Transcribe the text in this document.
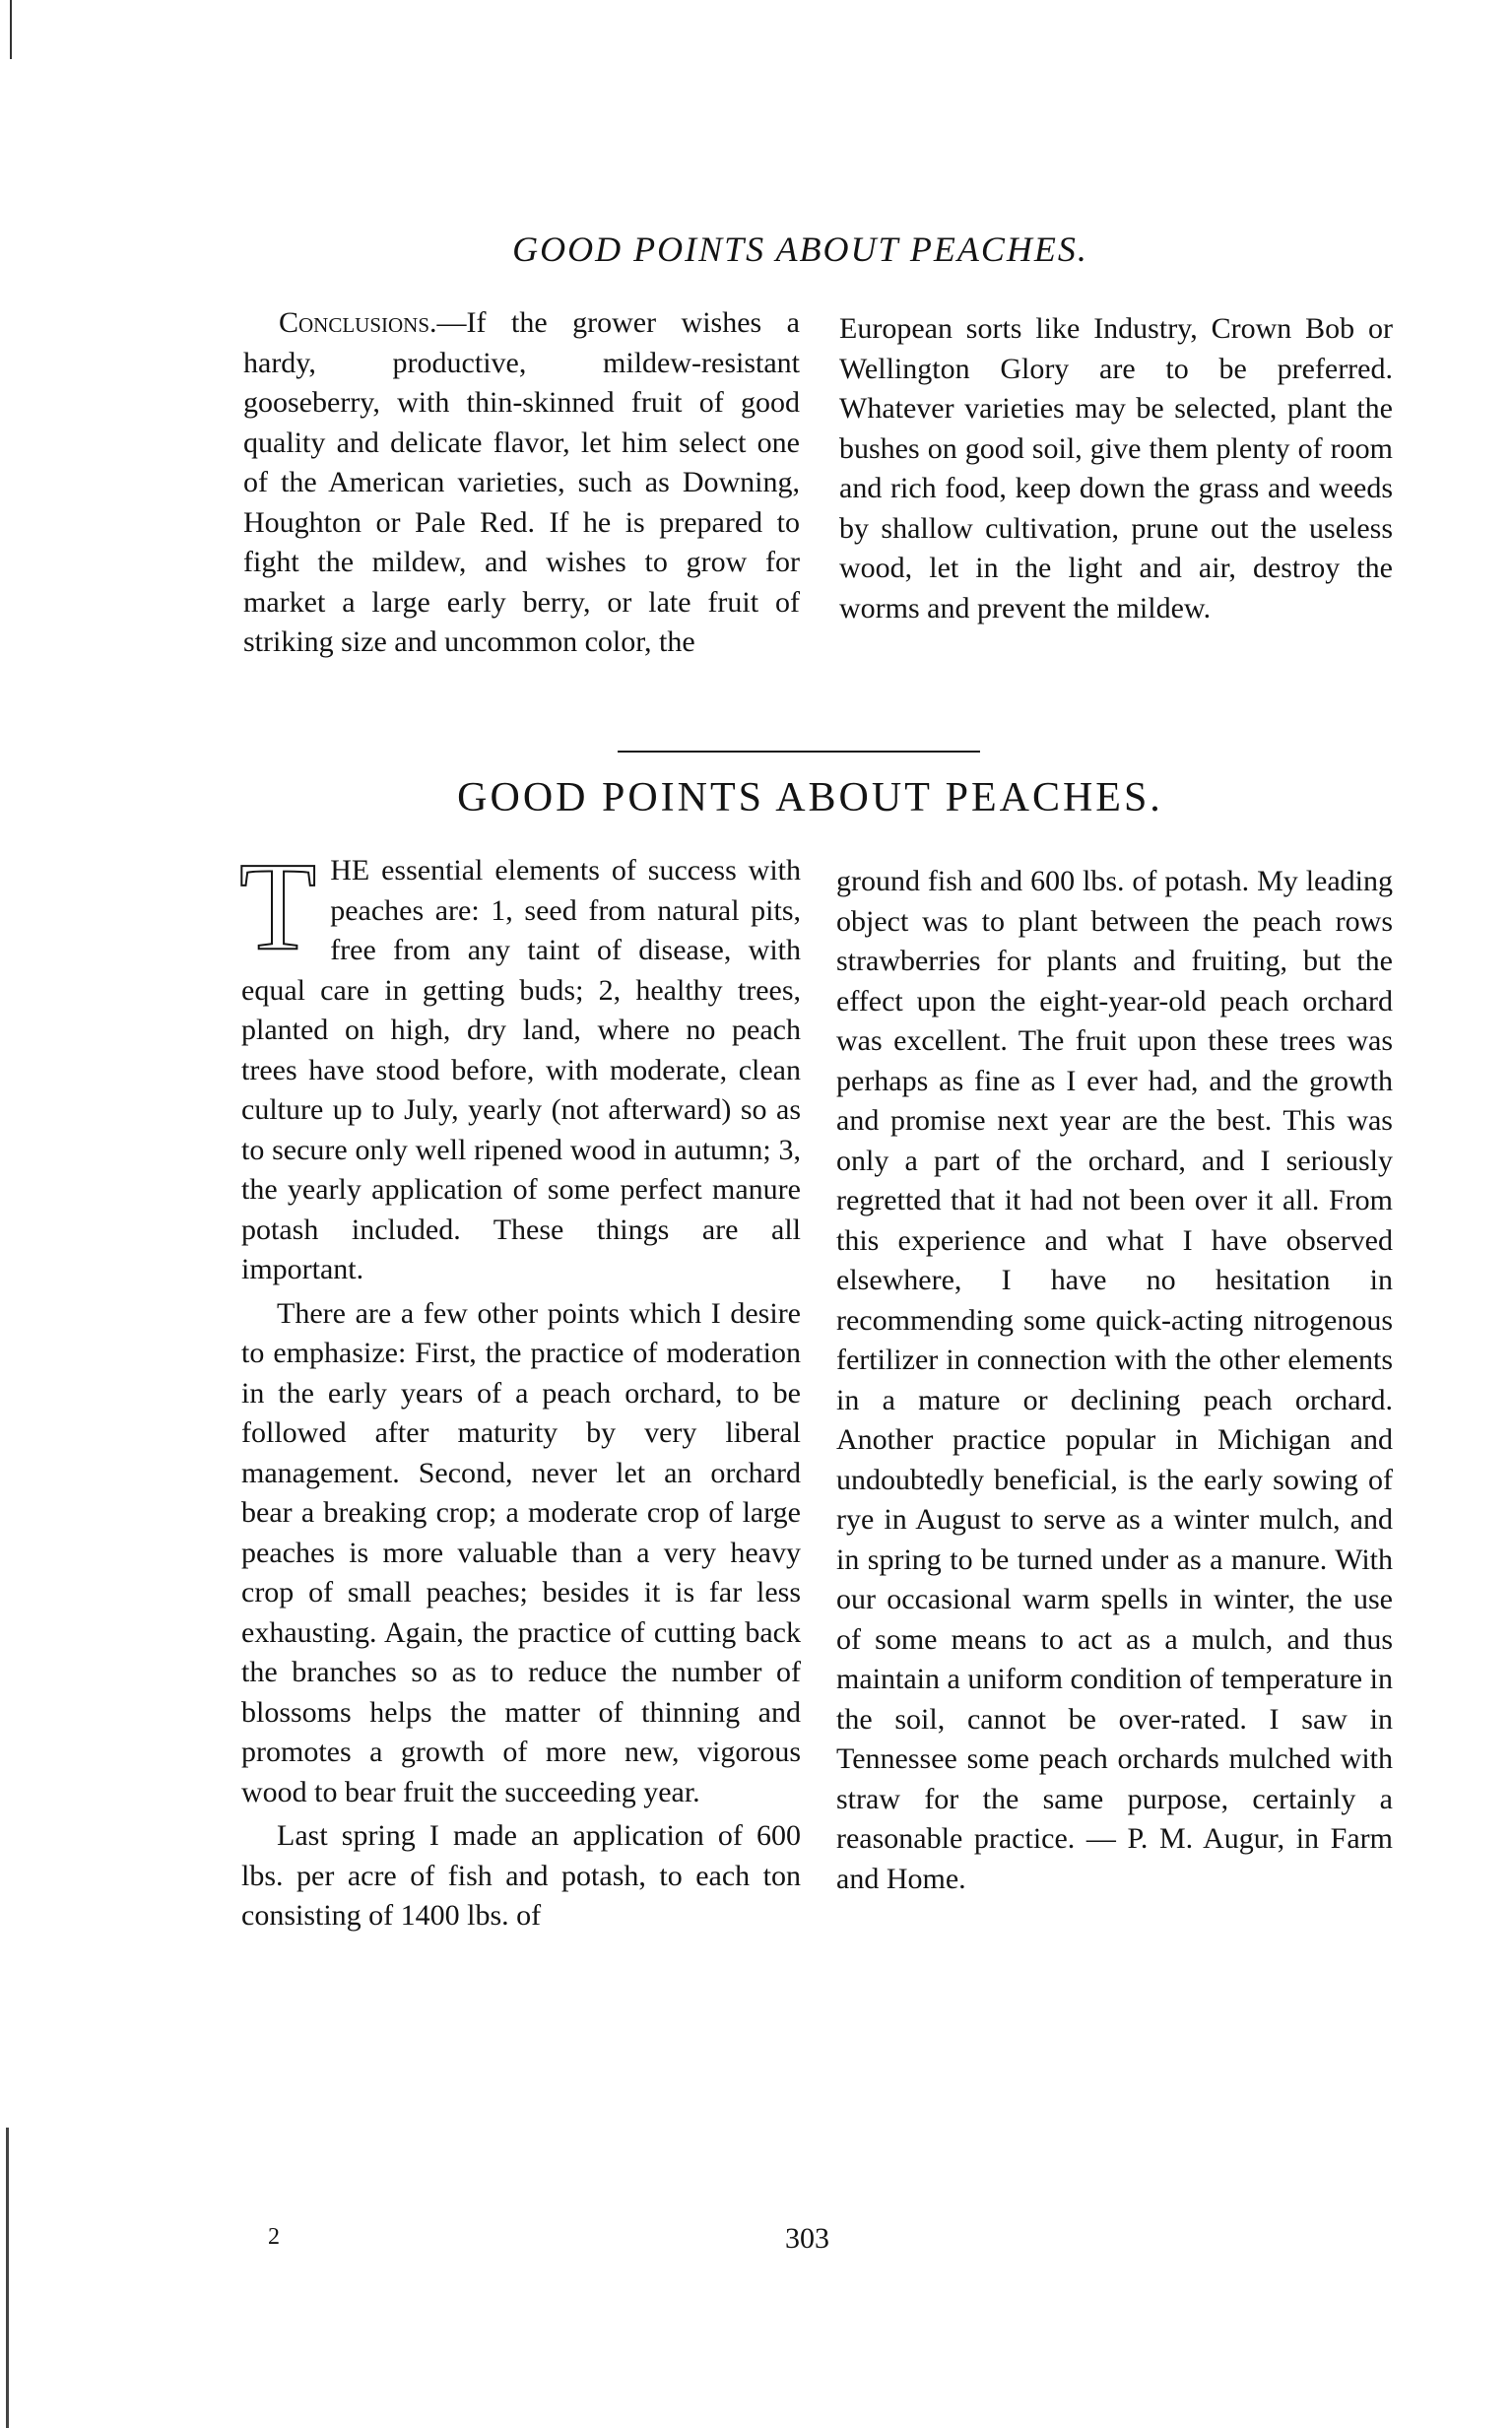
GOOD POINTS ABOUT PEACHES.

Conclusions.—If the grower wishes a hardy, productive, mildew-resistant gooseberry, with thin-skinned fruit of good quality and delicate flavor, let him select one of the American varieties, such as Downing, Houghton or Pale Red. If he is prepared to fight the mildew, and wishes to grow for market a large early berry, or late fruit of striking size and uncommon color, the

European sorts like Industry, Crown Bob or Wellington Glory are to be preferred. Whatever varieties may be selected, plant the bushes on good soil, give them plenty of room and rich food, keep down the grass and weeds by shallow cultivation, prune out the useless wood, let in the light and air, destroy the worms and prevent the mildew.

GOOD POINTS ABOUT PEACHES.

THE essential elements of success with peaches are: 1, seed from natural pits, free from any taint of disease, with equal care in getting buds; 2, healthy trees, planted on high, dry land, where no peach trees have stood before, with moderate, clean culture up to July, yearly (not afterward) so as to secure only well ripened wood in autumn; 3, the yearly application of some perfect manure potash included. These things are all important.

There are a few other points which I desire to emphasize: First, the practice of moderation in the early years of a peach orchard, to be followed after maturity by very liberal management. Second, never let an orchard bear a breaking crop; a moderate crop of large peaches is more valuable than a very heavy crop of small peaches; besides it is far less exhausting. Again, the practice of cutting back the branches so as to reduce the number of blossoms helps the matter of thinning and promotes a growth of more new, vigorous wood to bear fruit the succeeding year.

Last spring I made an application of 600 lbs. per acre of fish and potash, to each ton consisting of 1400 lbs. of

ground fish and 600 lbs. of potash. My leading object was to plant between the peach rows strawberries for plants and fruiting, but the effect upon the eight-year-old peach orchard was excellent. The fruit upon these trees was perhaps as fine as I ever had, and the growth and promise next year are the best. This was only a part of the orchard, and I seriously regretted that it had not been over it all. From this experience and what I have observed elsewhere, I have no hesitation in recommending some quick-acting nitrogenous fertilizer in connection with the other elements in a mature or declining peach orchard. Another practice popular in Michigan and undoubtedly beneficial, is the early sowing of rye in August to serve as a winter mulch, and in spring to be turned under as a manure. With our occasional warm spells in winter, the use of some means to act as a mulch, and thus maintain a uniform condition of temperature in the soil, cannot be over-rated. I saw in Tennessee some peach orchards mulched with straw for the same purpose, certainly a reasonable practice. — P. M. Augur, in Farm and Home.

2	303
